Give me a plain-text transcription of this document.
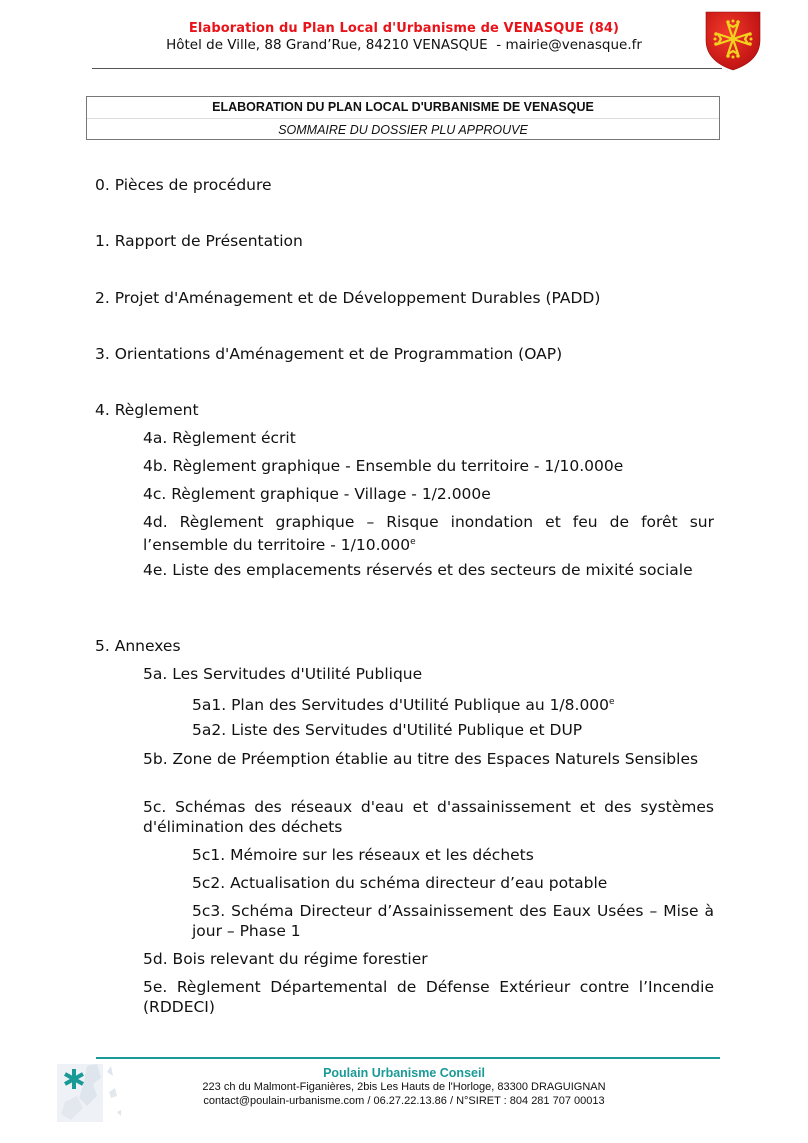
Elaboration du Plan Local d'Urbanisme de VENASQUE (84)
Hôtel de Ville, 88 Grand’Rue, 84210 VENASQUE  - mairie@venasque.fr
ELABORATION DU PLAN LOCAL D'URBANISME DE VENASQUE
SOMMAIRE DU DOSSIER PLU APPROUVE
0. Pièces de procédure
1. Rapport de Présentation
2. Projet d'Aménagement et de Développement Durables (PADD)
3. Orientations d'Aménagement et de Programmation (OAP)
4. Règlement
4a. Règlement écrit
4b. Règlement graphique - Ensemble du territoire - 1/10.000e
4c. Règlement graphique - Village - 1/2.000e
4d. Règlement graphique – Risque inondation et feu de forêt sur l’ensemble du territoire - 1/10.000e
4e. Liste des emplacements réservés et des secteurs de mixité sociale
5. Annexes
5a. Les Servitudes d'Utilité Publique
5a1. Plan des Servitudes d'Utilité Publique au 1/8.000e
5a2. Liste des Servitudes d'Utilité Publique et DUP
5b. Zone de Préemption établie au titre des Espaces Naturels Sensibles
5c. Schémas des réseaux d'eau et d'assainissement et des systèmes d'élimination des déchets
5c1. Mémoire sur les réseaux et les déchets
5c2. Actualisation du schéma directeur d’eau potable
5c3. Schéma Directeur d’Assainissement des Eaux Usées – Mise à jour – Phase 1
5d. Bois relevant du régime forestier
5e. Règlement Départemental de Défense Extérieur contre l’Incendie (RDDECI)
Poulain Urbanisme Conseil
223 ch du Malmont-Figanières, 2bis Les Hauts de l'Horloge, 83300 DRAGUIGNAN
contact@poulain-urbanisme.com / 06.27.22.13.86 / N°SIRET : 804 281 707 00013
